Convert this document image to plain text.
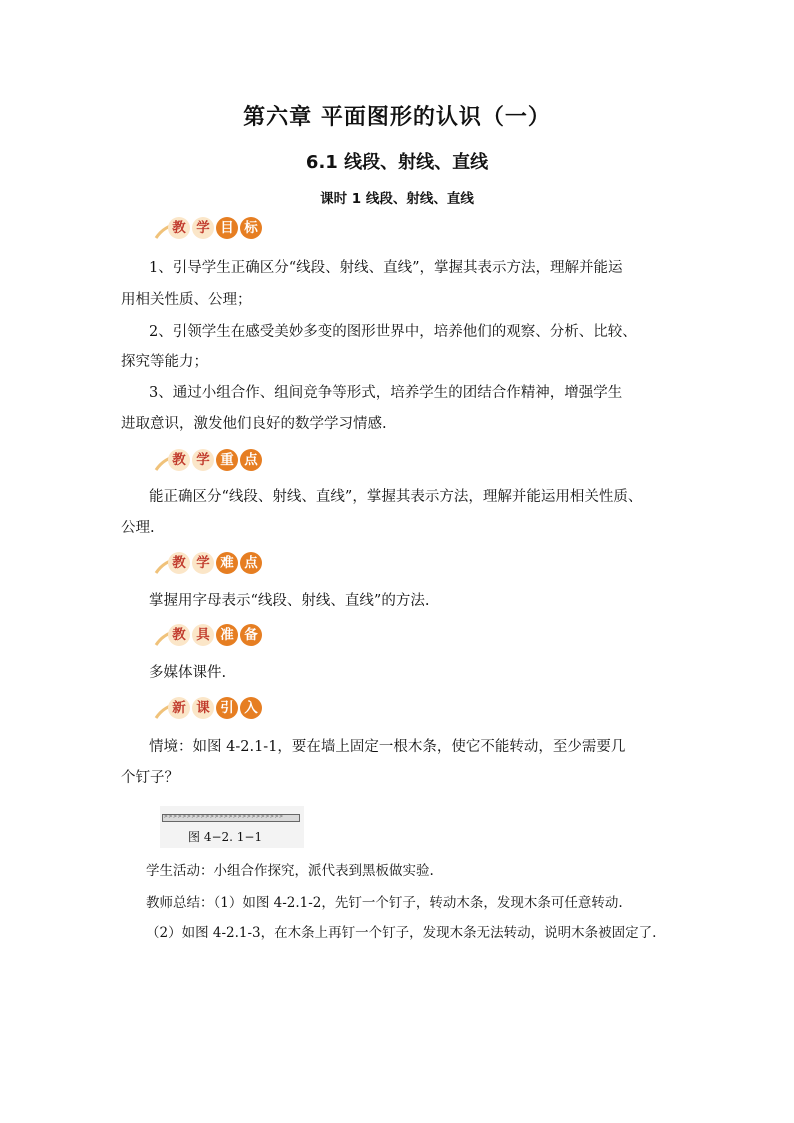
第六章 平面图形的认识（一）
6.1 线段、射线、直线
课时 1 线段、射线、直线
教 学 目 标
1、引导学生正确区分“线段、射线、直线”，掌握其表示方法，理解并能运
用相关性质、公理；
2、引领学生在感受美妙多变的图形世界中，培养他们的观察、分析、比较、
探究等能力；
3、通过小组合作、组间竞争等形式，培养学生的团结合作精神，增强学生
进取意识，激发他们良好的数学学习情感.
教 学 重 点
能正确区分“线段、射线、直线”，掌握其表示方法，理解并能运用相关性质、
公理.
教 学 难 点
掌握用字母表示“线段、射线、直线”的方法.
教 具 准 备
多媒体课件.
新 课 引 入
情境：如图 4-2.1-1，要在墙上固定一根木条，使它不能转动，至少需要几
个钉子？
>>>>>>>>>>>>>>>>>>>>>>>>>>
图 4−2. 1−1
学生活动：小组合作探究，派代表到黑板做实验.
教师总结：（1）如图 4-2.1-2，先钉一个钉子，转动木条，发现木条可任意转动.
（2）如图 4-2.1-3，在木条上再钉一个钉子，发现木条无法转动，说明木条被固定了.
